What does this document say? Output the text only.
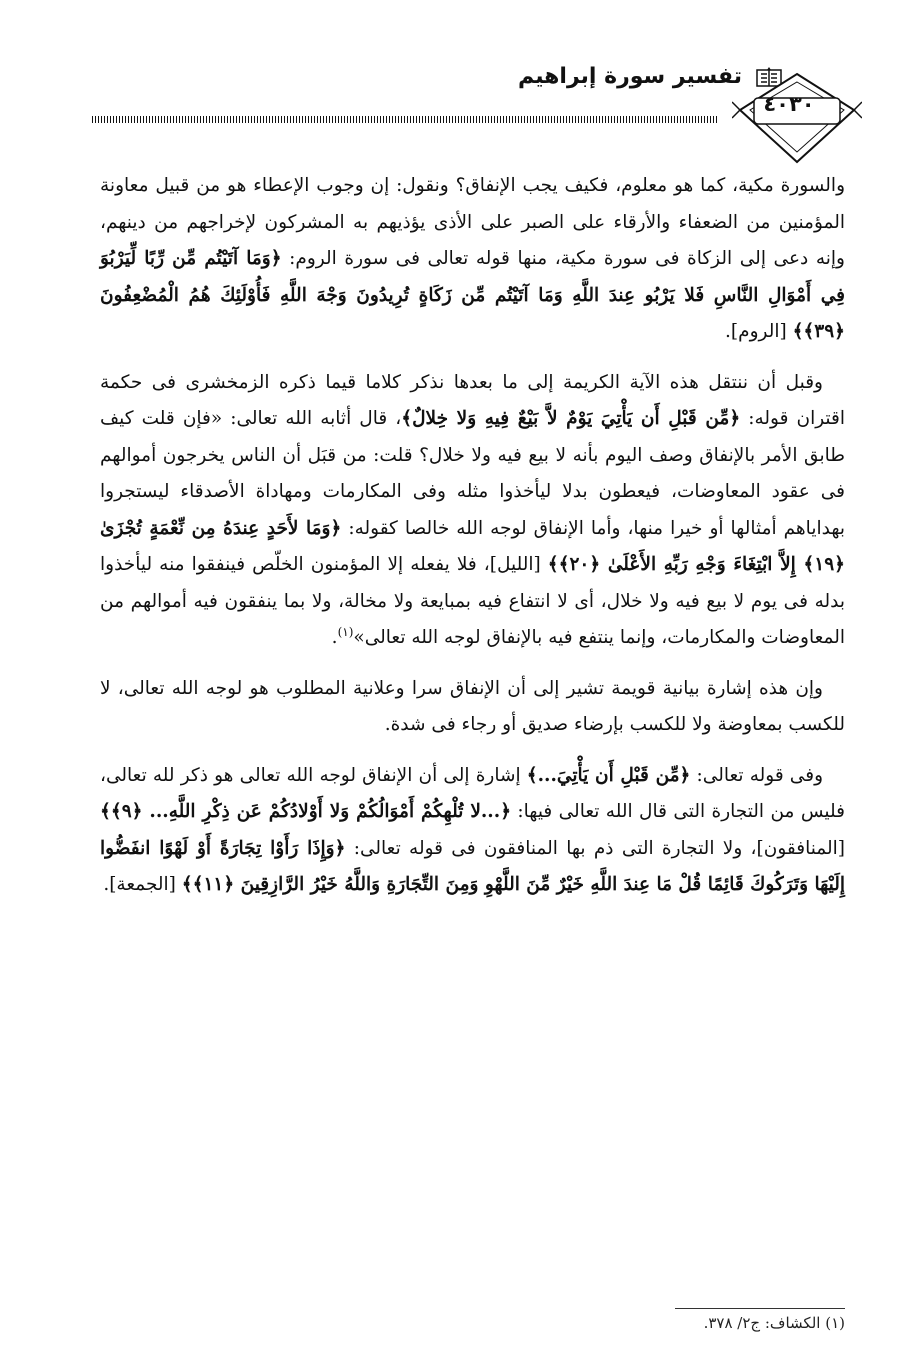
تفسير سورة إبراهيم
٤٠٣٠

والسورة مكية، كما هو معلوم، فكيف يجب الإنفاق؟ ونقول: إن وجوب الإعطاء هو من قبيل معاونة المؤمنين من الضعفاء والأرقاء على الصبر على الأذى يؤذيهم به المشركون لإخراجهم من دينهم، وإنه دعى إلى الزكاة فى سورة مكية، منها قوله تعالى فى سورة الروم: ﴿وَمَا آتَيْتُم مِّن رِّبًا لِّيَرْبُوَ فِي أَمْوَالِ النَّاسِ فَلا يَرْبُو عِندَ اللَّهِ وَمَا آتَيْتُم مِّن زَكَاةٍ تُرِيدُونَ وَجْهَ اللَّهِ فَأُوْلَئِكَ هُمُ الْمُضْعِفُونَ ﴿٣٩﴾﴾ [الروم].

وقبل أن ننتقل هذه الآية الكريمة إلى ما بعدها نذكر كلاما قيما ذكره الزمخشرى فى حكمة اقتران قوله: ﴿مِّن قَبْلِ أَن يَأْتِيَ يَوْمٌ لاَّ بَيْعٌ فِيهِ وَلا خِلالٌ﴾، قال أثابه الله تعالى: «فإن قلت كيف طابق الأمر بالإنفاق وصف اليوم بأنه لا بيع فيه ولا خلال؟ قلت: من قبَل أن الناس يخرجون أموالهم فى عقود المعاوضات، فيعطون بدلا ليأخذوا مثله وفى المكارمات ومهاداة الأصدقاء ليستجروا بهداياهم أمثالها أو خيرا منها، وأما الإنفاق لوجه الله خالصا كقوله: ﴿وَمَا لأَحَدٍ عِندَهُ مِن نِّعْمَةٍ تُجْزَىٰ ﴿١٩﴾ إِلاَّ ابْتِغَاءَ وَجْهِ رَبِّهِ الأَعْلَىٰ ﴿٢٠﴾﴾ [الليل]، فلا يفعله إلا المؤمنون الخلّص فينفقوا منه ليأخذوا بدله فى يوم لا بيع فيه ولا خلال، أى لا انتفاع فيه بمبايعة ولا مخالة، ولا بما ينفقون فيه أموالهم من المعاوضات والمكارمات، وإنما ينتفع فيه بالإنفاق لوجه الله تعالى»$^{(١)}$.

وإن هذه إشارة بيانية قويمة تشير إلى أن الإنفاق سرا وعلانية المطلوب هو لوجه الله تعالى، لا للكسب بمعاوضة ولا للكسب بإرضاء صديق أو رجاء فى شدة.

وفى قوله تعالى: ﴿مِّن قَبْلِ أَن يَأْتِيَ...﴾ إشارة إلى أن الإنفاق لوجه الله تعالى هو ذكر لله تعالى، فليس من التجارة التى قال الله تعالى فيها: ﴿...لا تُلْهِكُمْ أَمْوَالُكُمْ وَلا أَوْلادُكُمْ عَن ذِكْرِ اللَّهِ... ﴿٩﴾﴾ [المنافقون]، ولا التجارة التى ذم بها المنافقون فى قوله تعالى: ﴿وَإِذَا رَأَوْا تِجَارَةً أَوْ لَهْوًا انفَضُّوا إِلَيْهَا وَتَرَكُوكَ قَائِمًا قُلْ مَا عِندَ اللَّهِ خَيْرٌ مِّنَ اللَّهْوِ وَمِنَ التِّجَارَةِ وَاللَّهُ خَيْرُ الرَّازِقِينَ ﴿١١﴾﴾ [الجمعة].

(١) الكشاف: ج٢/ ٣٧٨.
